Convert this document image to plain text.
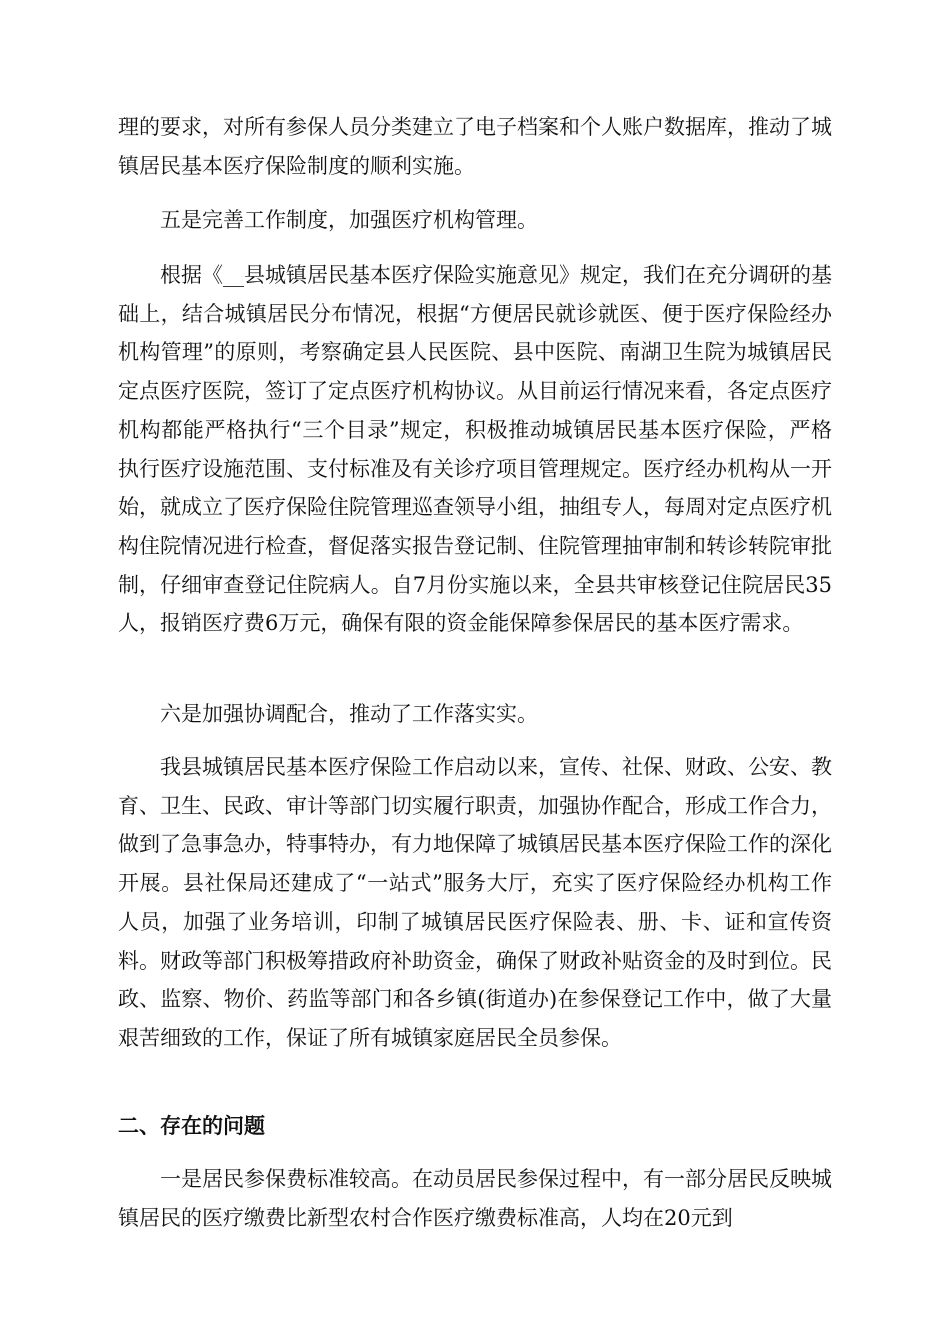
理的要求，对所有参保人员分类建立了电子档案和个人账户数据库，推动了城镇居民基本医疗保险制度的顺利实施。

五是完善工作制度，加强医疗机构管理。

根据《__县城镇居民基本医疗保险实施意见》规定，我们在充分调研的基础上，结合城镇居民分布情况，根据“方便居民就诊就医、便于医疗保险经办机构管理”的原则，考察确定县人民医院、县中医院、南湖卫生院为城镇居民定点医疗医院，签订了定点医疗机构协议。从目前运行情况来看，各定点医疗机构都能严格执行“三个目录”规定，积极推动城镇居民基本医疗保险，严格执行医疗设施范围、支付标准及有关诊疗项目管理规定。医疗经办机构从一开始，就成立了医疗保险住院管理巡查领导小组，抽组专人，每周对定点医疗机构住院情况进行检查，督促落实报告登记制、住院管理抽审制和转诊转院审批制，仔细审查登记住院病人。自7月份实施以来，全县共审核登记住院居民35人，报销医疗费6万元，确保有限的资金能保障参保居民的基本医疗需求。

六是加强协调配合，推动了工作落实实。

我县城镇居民基本医疗保险工作启动以来，宣传、社保、财政、公安、教育、卫生、民政、审计等部门切实履行职责，加强协作配合，形成工作合力，做到了急事急办，特事特办，有力地保障了城镇居民基本医疗保险工作的深化开展。县社保局还建成了“一站式”服务大厅，充实了医疗保险经办机构工作人员，加强了业务培训，印制了城镇居民医疗保险表、册、卡、证和宣传资料。财政等部门积极筹措政府补助资金，确保了财政补贴资金的及时到位。民政、监察、物价、药监等部门和各乡镇(街道办)在参保登记工作中，做了大量艰苦细致的工作，保证了所有城镇家庭居民全员参保。

二、存在的问题

一是居民参保费标准较高。在动员居民参保过程中，有一部分居民反映城镇居民的医疗缴费比新型农村合作医疗缴费标准高，人均在20元到
